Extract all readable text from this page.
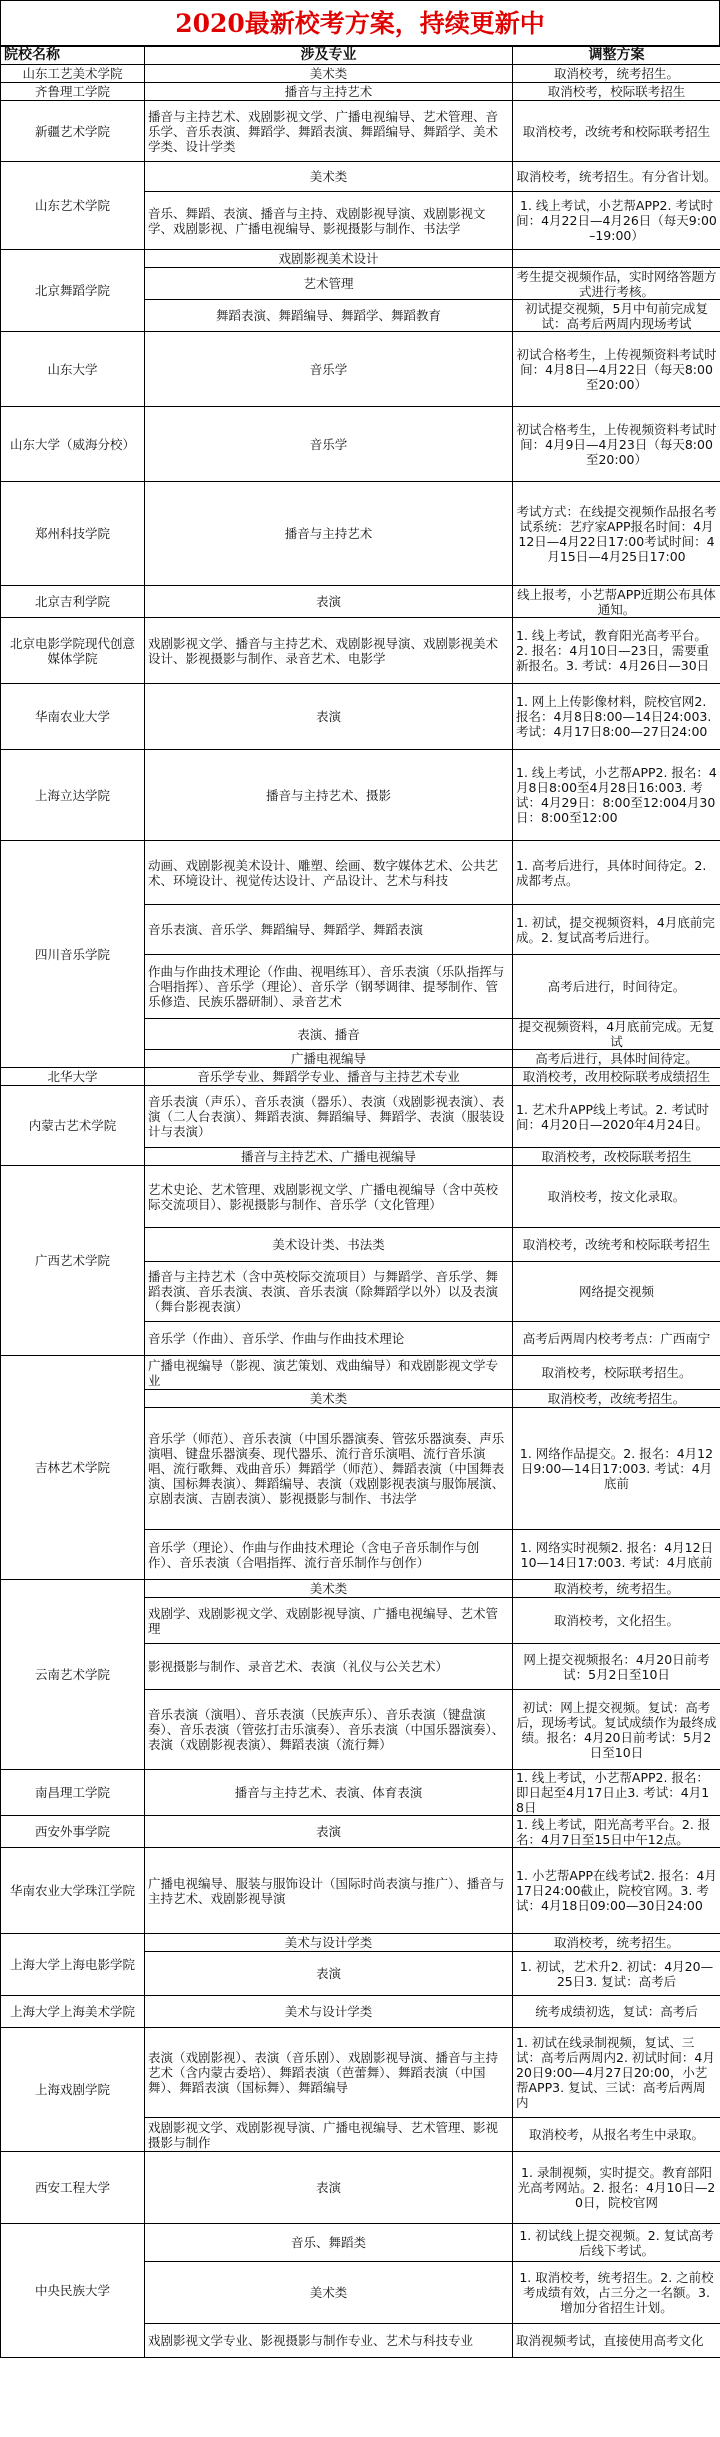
2020最新校考方案，持续更新中
院校名称	涉及专业	调整方案
山东工艺美术学院	美术类	取消校考，统考招生。
齐鲁理工学院	播音与主持艺术	取消校考，校际联考招生
新疆艺术学院	播音与主持艺术、戏剧影视文学、广播电视编导、艺术管理、音乐学、音乐表演、舞蹈学、舞蹈表演、舞蹈编导、舞蹈学、美术学类、设计学类	取消校考，改统考和校际联考招生
山东艺术学院	美术类	取消校考，统考招生。有分省计划。
	音乐、舞蹈、表演、播音与主持、戏剧影视导演、戏剧影视文学、戏剧影视、广播电视编导、影视摄影与制作、书法学	1. 线上考试，小艺帮APP2. 考试时间：4月22日—4月26日（每天9:00–19:00）
北京舞蹈学院	戏剧影视美术设计	
	艺术管理	考生提交视频作品，实时网络答题方式进行考核。
	舞蹈表演、舞蹈编导、舞蹈学、舞蹈教育	初试提交视频，5月中旬前完成复试：高考后两周内现场考试
山东大学	音乐学	初试合格考生，上传视频资料考试时间：4月8日—4月22日（每天8:00至20:00）
山东大学（威海分校）	音乐学	初试合格考生，上传视频资料考试时间：4月9日—4月23日（每天8:00至20:00）
郑州科技学院	播音与主持艺术	考试方式：在线提交视频作品报名考试系统：艺疗家APP报名时间：4月12日—4月22日17:00考试时间：4月15日—4月25日17:00
北京吉利学院	表演	线上报考，小艺帮APP近期公布具体通知。
北京电影学院现代创意媒体学院	戏剧影视文学、播音与主持艺术、戏剧影视导演、戏剧影视美术设计、影视摄影与制作、录音艺术、电影学	1. 线上考试，教育阳光高考平台。2. 报名：4月10日—23日，需要重新报名。3. 考试：4月26日—30日
华南农业大学	表演	1. 网上上传影像材料，院校官网2. 报名：4月8日8:00—14日24:003. 考试：4月17日8:00—27日24:00
上海立达学院	播音与主持艺术、摄影	1. 线上考试，小艺帮APP2. 报名：4月8日8:00至4月28日16:003. 考试：4月29日：8:00至12:004月30日：8:00至12:00
四川音乐学院	动画、戏剧影视美术设计、雕塑、绘画、数字媒体艺术、公共艺术、环境设计、视觉传达设计、产品设计、艺术与科技	1. 高考后进行，具体时间待定。2. 成都考点。
	音乐表演、音乐学、舞蹈编导、舞蹈学、舞蹈表演	1. 初试，提交视频资料，4月底前完成。2. 复试高考后进行。
	作曲与作曲技术理论（作曲、视唱练耳）、音乐表演（乐队指挥与合唱指挥）、音乐学（理论）、音乐学（钢琴调律、提琴制作、管乐修造、民族乐器研制）、录音艺术	高考后进行，时间待定。
	表演、播音	提交视频资料，4月底前完成。无复试
	广播电视编导	高考后进行，具体时间待定。
北华大学	音乐学专业、舞蹈学专业、播音与主持艺术专业	取消校考，改用校际联考成绩招生
内蒙古艺术学院	音乐表演（声乐）、音乐表演（器乐）、表演（戏剧影视表演）、表演（二人台表演）、舞蹈表演、舞蹈编导、舞蹈学、表演（服装设计与表演）	1. 艺术升APP线上考试。2. 考试时间：4月20日—2020年4月24日。
	播音与主持艺术、广播电视编导	取消校考，改校际联考招生
广西艺术学院	艺术史论、艺术管理、戏剧影视文学、广播电视编导（含中英校际交流项目）、影视摄影与制作、音乐学（文化管理）	取消校考，按文化录取。
	美术设计类、书法类	取消校考，改统考和校际联考招生
	播音与主持艺术（含中英校际交流项目）与舞蹈学、音乐学、舞蹈表演、音乐表演、表演、音乐表演（除舞蹈学以外）以及表演（舞台影视表演）	网络提交视频
	音乐学（作曲）、音乐学、作曲与作曲技术理论	高考后两周内校考考点：广西南宁
吉林艺术学院	广播电视编导（影视、演艺策划、戏曲编导）和戏剧影视文学专业	取消校考，校际联考招生。
	美术类	取消校考，改统考招生。
	音乐学（师范）、音乐表演（中国乐器演奏、管弦乐器演奏、声乐演唱、键盘乐器演奏、现代器乐、流行音乐演唱、流行音乐演唱、流行歌舞、戏曲音乐）舞蹈学（师范）、舞蹈表演（中国舞表演、国标舞表演）、舞蹈编导、表演（戏剧影视表演与服饰展演、京剧表演、吉剧表演）、影视摄影与制作、书法学	1. 网络作品提交。2. 报名：4月12日9:00—14日17:003. 考试：4月底前
	音乐学（理论）、作曲与作曲技术理论（含电子音乐制作与创作）、音乐表演（合唱指挥、流行音乐制作与创作）	1. 网络实时视频2. 报名：4月12日10—14日17:003. 考试：4月底前
云南艺术学院	美术类	取消校考，统考招生。
	戏剧学、戏剧影视文学、戏剧影视导演、广播电视编导、艺术管理	取消校考，文化招生。
	影视摄影与制作、录音艺术、表演（礼仪与公关艺术）	网上提交视频报名：4月20日前考试：5月2日至10日
	音乐表演（演唱）、音乐表演（民族声乐）、音乐表演（键盘演奏）、音乐表演（管弦打击乐演奏）、音乐表演（中国乐器演奏）、表演（戏剧影视表演）、舞蹈表演（流行舞）	初试：网上提交视频。复试：高考后，现场考试。复试成绩作为最终成绩。报名：4月20日前考试：5月2日至10日
南昌理工学院	播音与主持艺术、表演、体育表演	1. 线上考试，小艺帮APP2. 报名：即日起至4月17日止3. 考试：4月18日
西安外事学院	表演	1. 线上考试，阳光高考平台。2. 报名：4月7日至15日中午12点。
华南农业大学珠江学院	广播电视编导、服装与服饰设计（国际时尚表演与推广）、播音与主持艺术、戏剧影视导演	1. 小艺帮APP在线考试2. 报名：4月17日24:00截止，院校官网。3. 考试：4月18日09:00—30日24:00
上海大学上海电影学院	美术与设计学类	取消校考，统考招生。
	表演	1. 初试，艺术升2. 初试：4月20—25日3. 复试：高考后
上海大学上海美术学院	美术与设计学类	统考成绩初选，复试：高考后
上海戏剧学院	表演（戏剧影视）、表演（音乐剧）、戏剧影视导演、播音与主持艺术（含内蒙古委培）、舞蹈表演（芭蕾舞）、舞蹈表演（中国舞）、舞蹈表演（国标舞）、舞蹈编导	1. 初试在线录制视频，复试、三试：高考后两周内2. 初试时间：4月20日9:00—4月27日20:00，小艺帮APP3. 复试、三试：高考后两周内
	戏剧影视文学、戏剧影视导演、广播电视编导、艺术管理、影视摄影与制作	取消校考，从报名考生中录取。
西安工程大学	表演	1. 录制视频，实时提交。教育部阳光高考网站。2. 报名：4月10日—20日，院校官网
中央民族大学	音乐、舞蹈类	1. 初试线上提交视频。2. 复试高考后线下考试。
	美术类	1. 取消校考，统考招生。2. 之前校考成绩有效，占三分之一名额。3. 增加分省招生计划。
	戏剧影视文学专业、影视摄影与制作专业、艺术与科技专业	取消视频考试，直接使用高考文化
